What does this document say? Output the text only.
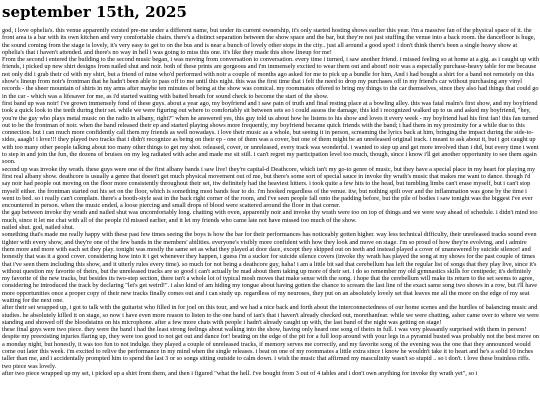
september 15th, 2025

god, i love ophelia's. this venue apparently existed pre-me under a different name, but under its current ownership, it's only started hosting shows earlier this year. i'm a massive fan of the physical space of it. the front area is a bar with its own kitchen and very comfortable chairs. there's a distinct separation between the show space and the bar, but they're not just stuffing the venue into a back room. the dancefloor is huge, the sound coming from the stage is lovely, it's very easy to get to on the bus and is near a bunch of lovely other stops in the city.. just all around a good spot! i don't think there's been a single heavy show at ophelia's that i haven't attended. and there's no way in hell i was going to miss this one. it's like they made this show lineup for me!

From the second i entered the building to the second music began, i was moving from conversation to conversation. every time i turned, i saw another friend. i missed feeling so at home at a gig. as i caught up with friends, i picked up new shirt designs from nailed shut and noir. both of these prints are gorgeous and i'm immensely excited to wear them out and about! noir was a especially purchase-heavy table for me because not only did i grab their cd with my shirt, but a friend of mine who'd performed with noir a couple of months ago asked for me to pick up a bundle for him, And i had bought a shirt for a band not remotely on this show's lineup from noir's frontman that he hadn't been able to pass off to me until this night. this was the first time that i felt the need to drop my purchases off in my friend's car without purchasing any vinyl records - the sheer mountain of shirts in my arms after maybe ten minutes of being at the show was comical. my roommates offered to bring my things to the car themselves, since they also had things that could go in the car - which was a lifesaver for me, as i'd started waiting with baited breath for sound check to become the start of the show.

first band up was noir! i've grown immensely fond of these guys. about a year ago, my boyfriend and i saw pain of truth and final resting place at a bowling alley. this was fatal realm's first show, and my boyfriend took a quick look to the teeth during their set. while we were figuring out where to comfortably sit between sets so i could assess the damage, this kid i recognized walked up to us and asked my boyfriend, "hey, you're the guy who plays metal music on the radio in albany, right?" when he answered yes, this guy told us about how he listens to his show and loves it every week - my boyfriend had his first fan! this fan turned out to be the frontman of noir. when the band released their ep and started playing shows more frequently, my boyfriend became quick friends with the band; i had them in my proximity for a while due to this connection. but i can much more confidently call them my friends as well nowadays. i love their music as a whole, but seeing it in person, screaming the lyrics back at him, bringing the impact during the side-to-sides, aaagh! i love!!! they played two tracks that i didn't recognize as being on their ep - one of them was a cover, but one of them might be an unreleased original track. i meant to ask about it, but i got caught up with too many other people talking about too many other things to get my shot. released, cover, or unreleased, every track was wonderful. i wanted to step up and get more involved than i did, but every time i went to step in and join the fun, the dozens of bruises on my leg radiated with ache and made me sit still. i can't regret my participation level too much, though, since i know i'll get another opportunity to see them again soon.

second up was invoke thy wrath. these guys were one of the first albany bands i saw live! they're capital-d Deathcore, which isn't my go-to genre of music, but they have a special place in my heart for playing my first real albany show. deathcore is usually a genre that doesn't get much physical movement out of me, but there's some sort of special sauce in invoke thy wrath's music that makes me want to dance. though i'd say noir had people out moving on the floor more consistently throughout their set, itw definitely had the heaviest hitters. i took quite a few hits to the head, but tumbling limbs can't erase myself, but i can't stop myself either. the frontman started out his set on the floor, which is something most bands fear to do. i'm hooked regardless of the venue. itw, but nothing spilt over and the inflammation was gone by the time i went to bed. so i really can't complain. there's a booth-style seat in the back right corner of the room, and i've seen people fall onto the padding before, but the pile of bodies i saw tonight was the biggest i've ever encountered in person. when the music ended, a loose piercing and small drops of blood were scattered around the floor in that corner.

the gap between invoke thy wrath and nailed shut was uncomfortably long. chatting with oven, apparently noir and invoke thy wrath were too on top of things and we were way ahead of schedule. i didn't mind too much, since it let me chat with all of the people i'd missed earlier, and it let my friends who came late not have missed too much of the show.

nailed shut. god, nailed shut.

something that's made me really happy with these past few times seeing the boys is how the bar for their performances has noticeably gotten higher. way less technical difficulty, their unreleased tracks sound even tighter with every show, and they're one of the few bands in the members' abilities. everyone's visibly more confident with how they look and move on stage. i'm so proud of how they're evolving, and i admire them more and more with each set they play. tonight was mostly the same set as what they played at door dace, except they skipped out on teeth and instead played a cover of unanswered by suicide silence! and honestly that was it a good cover. considering how into it i get whenever they happen, i guess i'm a sucker for suicide silence covers (invoke thy wrath has played the song at my shows for the past couple of times that i've seen them including this show, and it utterly rules every time). so much for not being a deathcore guy, haha! i am a little bit sad that cerebellum has left the regular list of songs that they play live, since it's without question my favorite of theirs, but the unreleased tracks are so good i can't actually be mad about them taking up more of their set. i do so remember my old gymnastics skills for centipede; it's definitely my favorite of the new tracks, but besides its two-step section, there isn't a whole lot of typical mosh moves that make sense with the song. i hope that the cerebellum will make its return to the set seems to agree, considering he introduced the track by declaring "let's get weird!". i also kind of am hiding my tongue about having gotten the chance to scream the last line of the exact same song two shows in a row, but i'll have more opportunities once a proper copy of their new tracks finally comes out and i can study up. regardless of my neuroses, they put on an absolutely lovely set that leaves me all the more on the edge of my seat waiting for the next one.

after their set wrapped up, i got to talk with the guitarist who filled in for joel on this tour, and we had a nice back and forth about the interconnectedness of our home scenes and the hurdles of balancing music and studies. he absolutely killed it on stage, so now i have even more reason to listen to the one band of ian's that i haven't already checked out, morethanfear. while we were chatting, asher came over to where we were standing and showed off the bloodstains on his microphone. after a few more chats with people i hadn't already caught up with, the last band of the night was getting on stage!

these final guys were two piece. they were the band i had the least strong feelings about walking into the show, having only heard one song of theirs in full. i was very pleasantly surprised with them in person! despite my preexisting injuries flaring up, they were too good to not get out and dance for! beating on the edge of the pit for a full loop around with your legs in a pyramid busted was probably not the best move on a monday night, but honestly, it was too fun to not indulge. they played a couple of unreleased tracks, if memory serves me correctly, and my favorite song of the evening was the one that they announced would come out later this week. i'm excited to relive the performance in my mind when the single releases. i beat on one of my roommates a little extra since i know he wouldn't take it to heart and he's a solid 10 inches taller than me, and i accidentally prompted him to spend the last 3 or so songs sitting outside to calm down. i wish the music that affirmed my masculinity wasn't so stupid .. so i don't. i love these brainless riffs. two piece was lovely.

after two piece wrapped up my set, i picked up a shirt from them, and then i figured "what the hell. i've bought from 3 out of 4 tables and i don't own anything for invoke thy wrath yet", so i
